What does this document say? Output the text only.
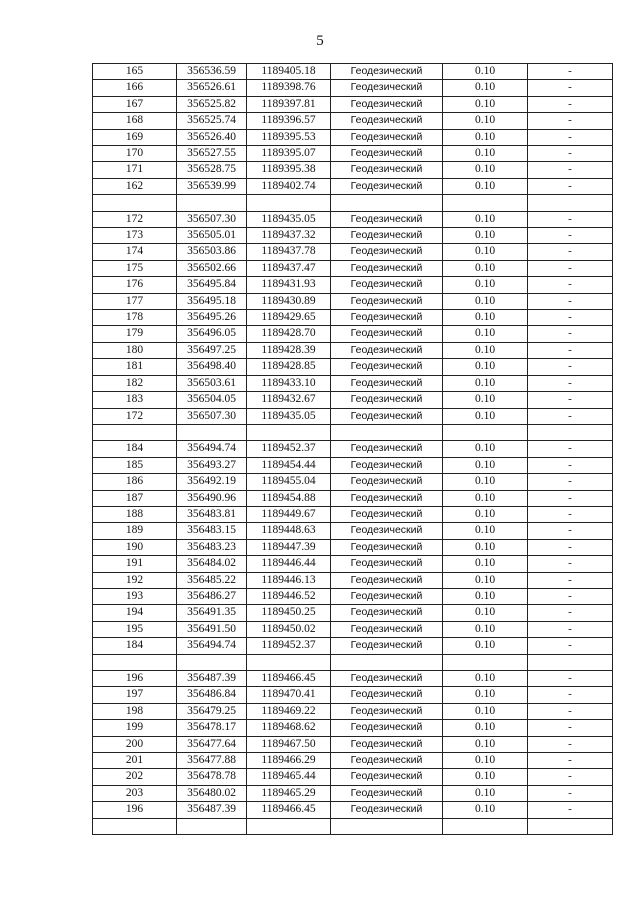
5
165	356536.59	1189405.18	Геодезический	0.10	-
166	356526.61	1189398.76	Геодезический	0.10	-
167	356525.82	1189397.81	Геодезический	0.10	-
168	356525.74	1189396.57	Геодезический	0.10	-
169	356526.40	1189395.53	Геодезический	0.10	-
170	356527.55	1189395.07	Геодезический	0.10	-
171	356528.75	1189395.38	Геодезический	0.10	-
162	356539.99	1189402.74	Геодезический	0.10	-

172	356507.30	1189435.05	Геодезический	0.10	-
173	356505.01	1189437.32	Геодезический	0.10	-
174	356503.86	1189437.78	Геодезический	0.10	-
175	356502.66	1189437.47	Геодезический	0.10	-
176	356495.84	1189431.93	Геодезический	0.10	-
177	356495.18	1189430.89	Геодезический	0.10	-
178	356495.26	1189429.65	Геодезический	0.10	-
179	356496.05	1189428.70	Геодезический	0.10	-
180	356497.25	1189428.39	Геодезический	0.10	-
181	356498.40	1189428.85	Геодезический	0.10	-
182	356503.61	1189433.10	Геодезический	0.10	-
183	356504.05	1189432.67	Геодезический	0.10	-
172	356507.30	1189435.05	Геодезический	0.10	-

184	356494.74	1189452.37	Геодезический	0.10	-
185	356493.27	1189454.44	Геодезический	0.10	-
186	356492.19	1189455.04	Геодезический	0.10	-
187	356490.96	1189454.88	Геодезический	0.10	-
188	356483.81	1189449.67	Геодезический	0.10	-
189	356483.15	1189448.63	Геодезический	0.10	-
190	356483.23	1189447.39	Геодезический	0.10	-
191	356484.02	1189446.44	Геодезический	0.10	-
192	356485.22	1189446.13	Геодезический	0.10	-
193	356486.27	1189446.52	Геодезический	0.10	-
194	356491.35	1189450.25	Геодезический	0.10	-
195	356491.50	1189450.02	Геодезический	0.10	-
184	356494.74	1189452.37	Геодезический	0.10	-

196	356487.39	1189466.45	Геодезический	0.10	-
197	356486.84	1189470.41	Геодезический	0.10	-
198	356479.25	1189469.22	Геодезический	0.10	-
199	356478.17	1189468.62	Геодезический	0.10	-
200	356477.64	1189467.50	Геодезический	0.10	-
201	356477.88	1189466.29	Геодезический	0.10	-
202	356478.78	1189465.44	Геодезический	0.10	-
203	356480.02	1189465.29	Геодезический	0.10	-
196	356487.39	1189466.45	Геодезический	0.10	-
